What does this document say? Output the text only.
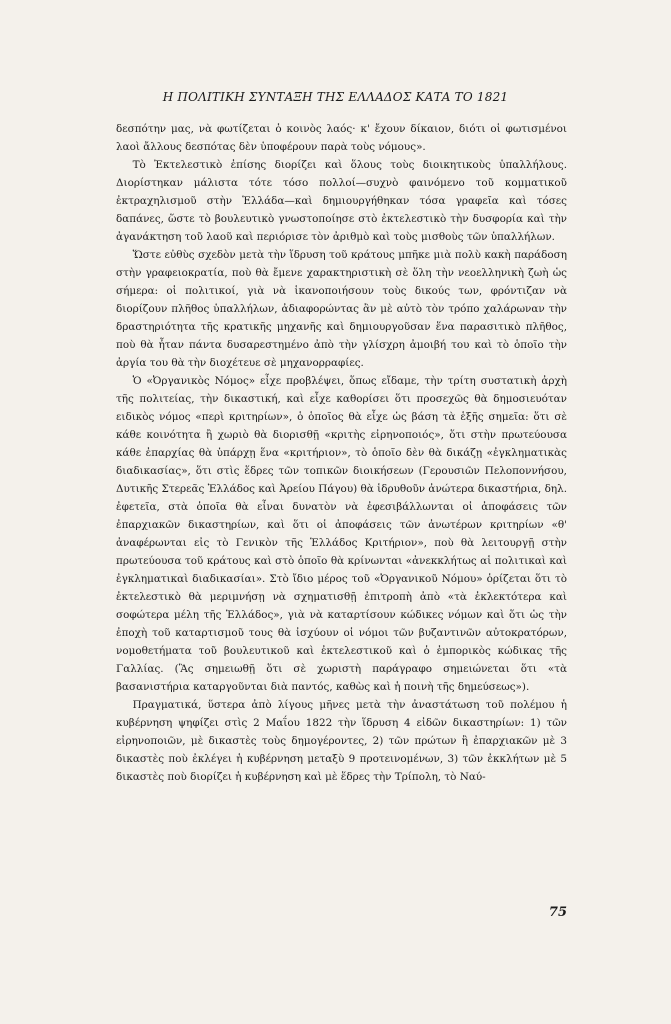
Η ΠΟΛΙΤΙΚΗ ΣΥΝΤΑΞΗ ΤΗΣ ΕΛΛΑΔΟΣ ΚΑΤΑ ΤΟ 1821

δεσπότην μας, νὰ φωτίζεται ὁ κοινὸς λαός· κ' ἔχουν δίκαιον, διότι οἱ φωτισμένοι λαοὶ ἄλλους δεσπότας δὲν ὑποφέρουν παρὰ τοὺς νόμους».

Τὸ Ἐκτελεστικὸ ἐπίσης διορίζει καὶ ὅλους τοὺς διοικητικοὺς ὑπαλλήλους. Διορίστηκαν μάλιστα τότε τόσο πολλοί—συχνὸ φαινόμενο τοῦ κομματικοῦ ἐκτραχηλισμοῦ στὴν Ἑλλάδα—καὶ δημιουργήθηκαν τόσα γραφεῖα καὶ τόσες δαπάνες, ὥστε τὸ βουλευτικὸ γνωστοποίησε στὸ ἐκτελεστικὸ τὴν δυσφορία καὶ τὴν ἀγανάκτηση τοῦ λαοῦ καὶ περιόρισε τὸν ἀριθμὸ καὶ τοὺς μισθοὺς τῶν ὑπαλλήλων.

Ὥστε εὐθὺς σχεδὸν μετὰ τὴν ἵδρυση τοῦ κράτους μπῆκε μιὰ πολὺ κακὴ παράδοση στὴν γραφειοκρατία, ποὺ θὰ ἔμενε χαρακτηριστικὴ σὲ ὅλη τὴν νεοελληνικὴ ζωὴ ὡς σήμερα: οἱ πολιτικοί, γιὰ νὰ ἱκανοποιήσουν τοὺς δικούς των, φρόντιζαν νὰ διορίζουν πλῆθος ὑπαλλήλων, ἀδιαφορώντας ἂν μὲ αὐτὸ τὸν τρόπο χαλάρωναν τὴν δραστηριότητα τῆς κρατικῆς μηχανῆς καὶ δημιουργοῦσαν ἕνα παρασιτικὸ πλῆθος, ποὺ θὰ ἦταν πάντα δυσαρεστημένο ἀπὸ τὴν γλίσχρη ἀμοιβή του καὶ τὸ ὁποῖο τὴν ἀργία του θὰ τὴν διοχέτευε σὲ μηχανορραφίες.

Ὁ «Ὀργανικὸς Νόμος» εἶχε προβλέψει, ὅπως εἴδαμε, τὴν τρίτη συστατικὴ ἀρχὴ τῆς πολιτείας, τὴν δικαστική, καὶ εἶχε καθορίσει ὅτι προσεχῶς θὰ δημοσιευόταν ειδικὸς νόμος «περὶ κριτηρίων», ὁ ὁποῖος θὰ εἶχε ὡς βάση τὰ ἑξῆς σημεῖα: ὅτι σὲ κάθε κοινότητα ἢ χωριὸ θὰ διορισθῇ «κριτὴς εἰρηνοποιός», ὅτι στὴν πρωτεύουσα κάθε ἐπαρχίας θὰ ὑπάρχῃ ἕνα «κριτήριον», τὸ ὁποῖο δὲν θὰ δικάζῃ «ἐγκληματικὰς διαδικασίας», ὅτι στὶς ἕδρες τῶν τοπικῶν διοικήσεων (Γερουσιῶν Πελοποννήσου, Δυτικῆς Στερεᾶς Ἑλλάδος καὶ Ἀρείου Πάγου) θὰ ἱδρυθοῦν ἀνώτερα δικαστήρια, δηλ. ἐφετεῖα, στὰ ὁποῖα θὰ εἶναι δυνατὸν νὰ ἐφεσιβάλλωνται οἱ ἀποφάσεις τῶν ἐπαρχιακῶν δικαστηρίων, καὶ ὅτι οἱ ἀποφάσεις τῶν ἀνωτέρων κριτηρίων «θ' ἀναφέρωνται εἰς τὸ Γενικὸν τῆς Ἑλλάδος Κριτήριον», ποὺ θὰ λειτουργῇ στὴν πρωτεύουσα τοῦ κράτους καὶ στὸ ὁποῖο θὰ κρίνωνται «ἀνεκκλήτως αἱ πολιτικαὶ καὶ ἐγκληματικαὶ διαδικασίαι». Στὸ ἴδιο μέρος τοῦ «Ὀργανικοῦ Νόμου» ὁρίζεται ὅτι τὸ ἐκτελεστικὸ θὰ μεριμνήσῃ νὰ σχηματισθῇ ἐπιτροπὴ ἀπὸ «τὰ ἐκλεκτότερα καὶ σοφώτερα μέλη τῆς Ἑλλάδος», γιὰ νὰ καταρτίσουν κώδικες νόμων καὶ ὅτι ὡς τὴν ἐποχὴ τοῦ καταρτισμοῦ τους θὰ ἰσχύουν οἱ νόμοι τῶν βυζαντινῶν αὐτοκρατόρων, νομοθετήματα τοῦ βουλευτικοῦ καὶ ἐκτελεστικοῦ καὶ ὁ ἐμπορικὸς κώδικας τῆς Γαλλίας. (Ἂς σημειωθῇ ὅτι σὲ χωριστὴ παράγραφο σημειώνεται ὅτι «τὰ βασανιστήρια καταργοῦνται διὰ παντός, καθὼς καὶ ἡ ποινὴ τῆς δημεύσεως»).

Πραγματικά, ὕστερα ἀπὸ λίγους μῆνες μετὰ τὴν ἀναστάτωση τοῦ πολέμου ἡ κυβέρνηση ψηφίζει στὶς 2 Μαΐου 1822 τὴν ἵδρυση 4 εἰδῶν δικαστηρίων: 1) τῶν εἰρηνοποιῶν, μὲ δικαστὲς τοὺς δημογέροντες, 2) τῶν πρώτων ἢ ἐπαρχιακῶν μὲ 3 δικαστὲς ποὺ ἐκλέγει ἡ κυβέρνηση μεταξὺ 9 προτεινομένων, 3) τῶν ἐκκλήτων μὲ 5 δικαστὲς ποὺ διορίζει ἡ κυβέρνηση καὶ μὲ ἕδρες τὴν Τρίπολη, τὸ Ναύ-

75
